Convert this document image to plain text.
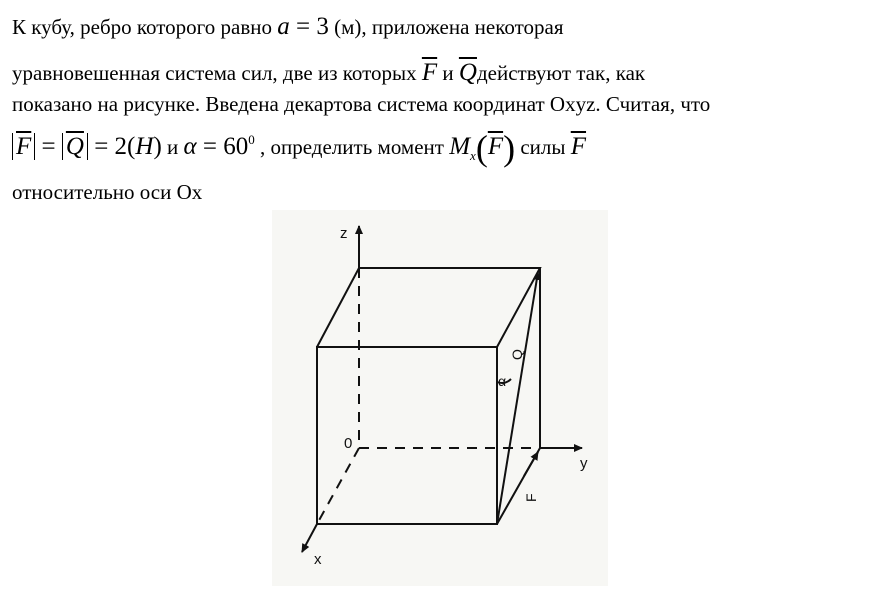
К кубу, ребро которого равно a = 3 (м), приложена некоторая
уравновешенная система сил, две из которых $\overline{F}$ и $\overline{Q}действуют$ так, как
показано на рисунке. Введена декартова система координат Oxyz. Считая, что
$\overline{F} = \overline{Q} = 2(H)$ и $\alpha = 60^0$ , определить момент $M_x(\overline{F})$ силы $\overline{F}$
относительно оси Ох
z
y
x
0
α
Q
F
